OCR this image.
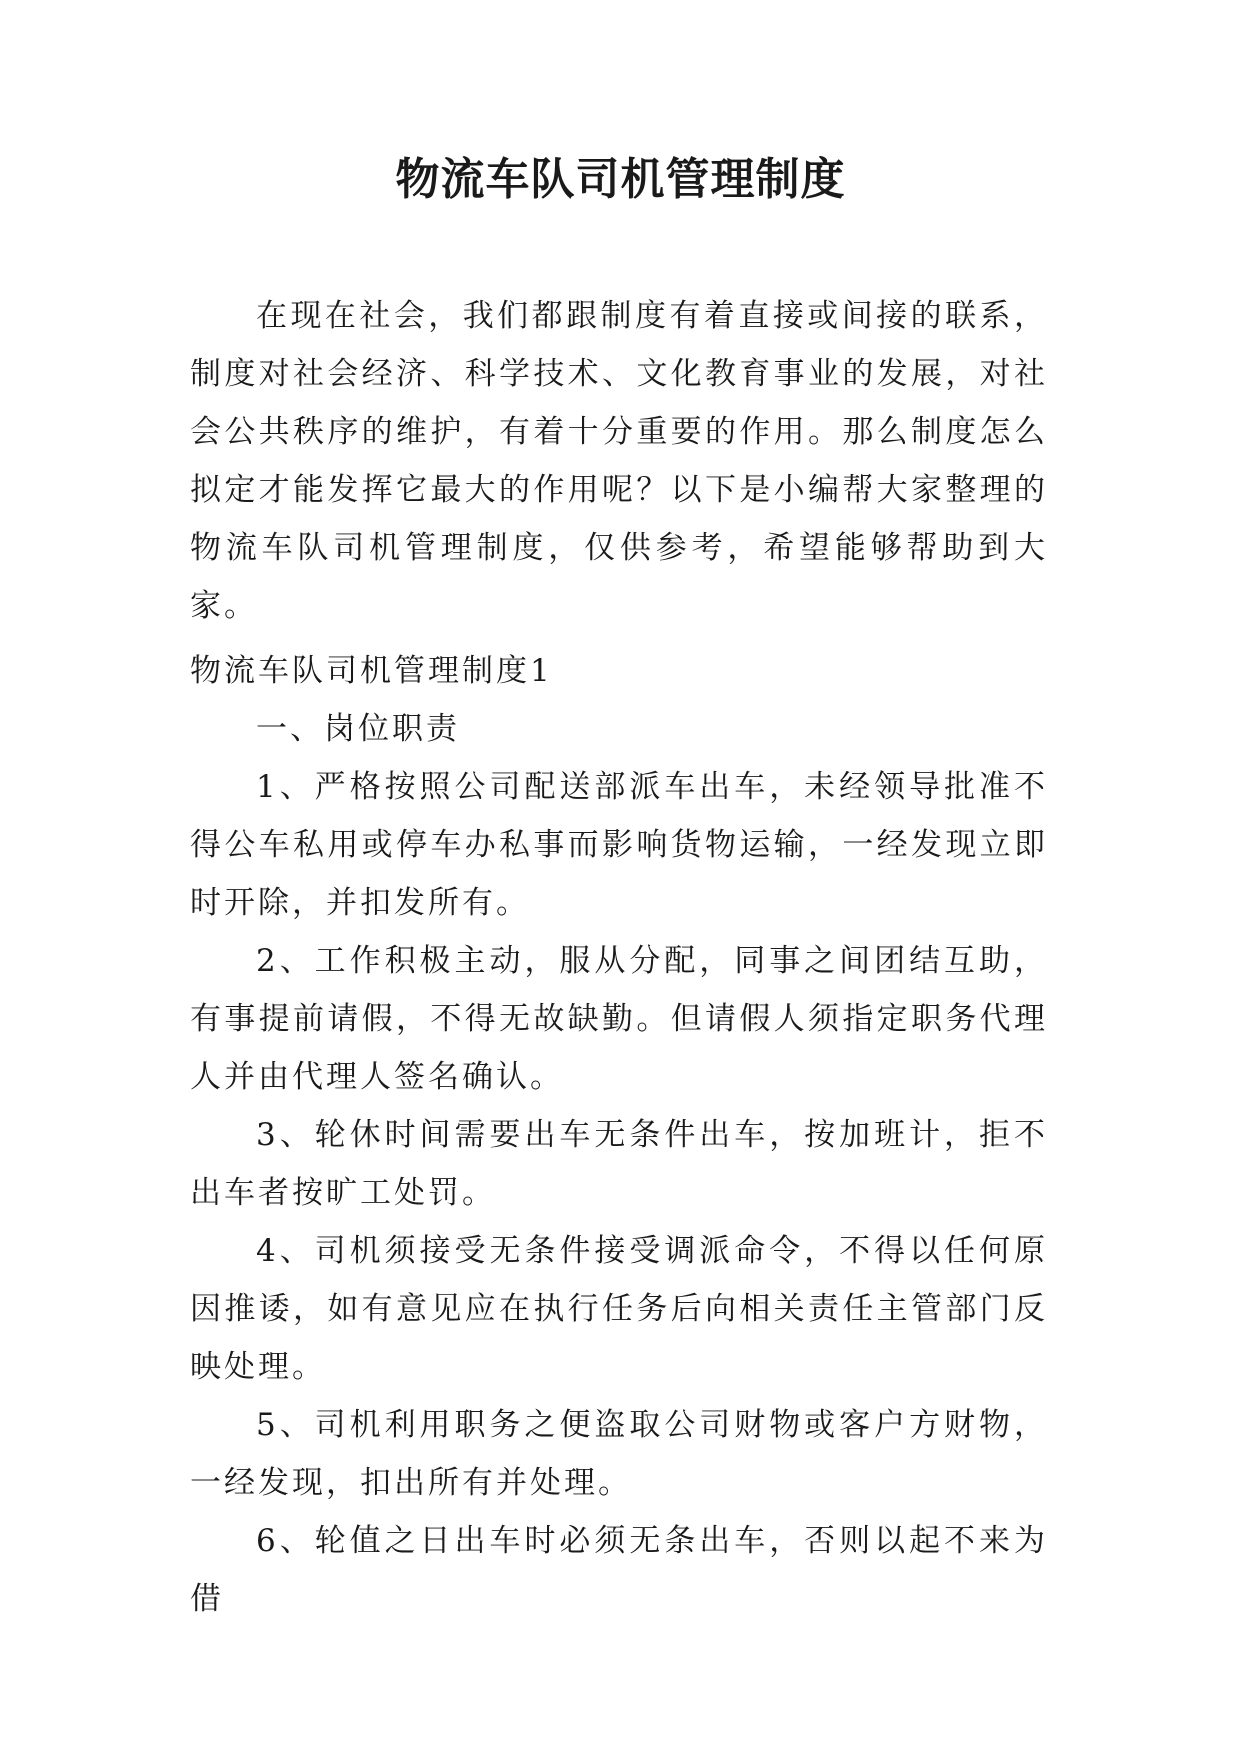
物流车队司机管理制度

在现在社会，我们都跟制度有着直接或间接的联系，制度对社会经济、科学技术、文化教育事业的发展，对社会公共秩序的维护，有着十分重要的作用。那么制度怎么拟定才能发挥它最大的作用呢？以下是小编帮大家整理的物流车队司机管理制度，仅供参考，希望能够帮助到大家。

物流车队司机管理制度1

一、岗位职责

1、严格按照公司配送部派车出车，未经领导批准不得公车私用或停车办私事而影响货物运输，一经发现立即时开除，并扣发所有。

2、工作积极主动，服从分配，同事之间团结互助，有事提前请假，不得无故缺勤。但请假人须指定职务代理人并由代理人签名确认。

3、轮休时间需要出车无条件出车，按加班计，拒不出车者按旷工处罚。

4、司机须接受无条件接受调派命令，不得以任何原因推诿，如有意见应在执行任务后向相关责任主管部门反映处理。

5、司机利用职务之便盗取公司财物或客户方财物，一经发现，扣出所有并处理。

6、轮值之日出车时必须无条出车，否则以起不来为借
